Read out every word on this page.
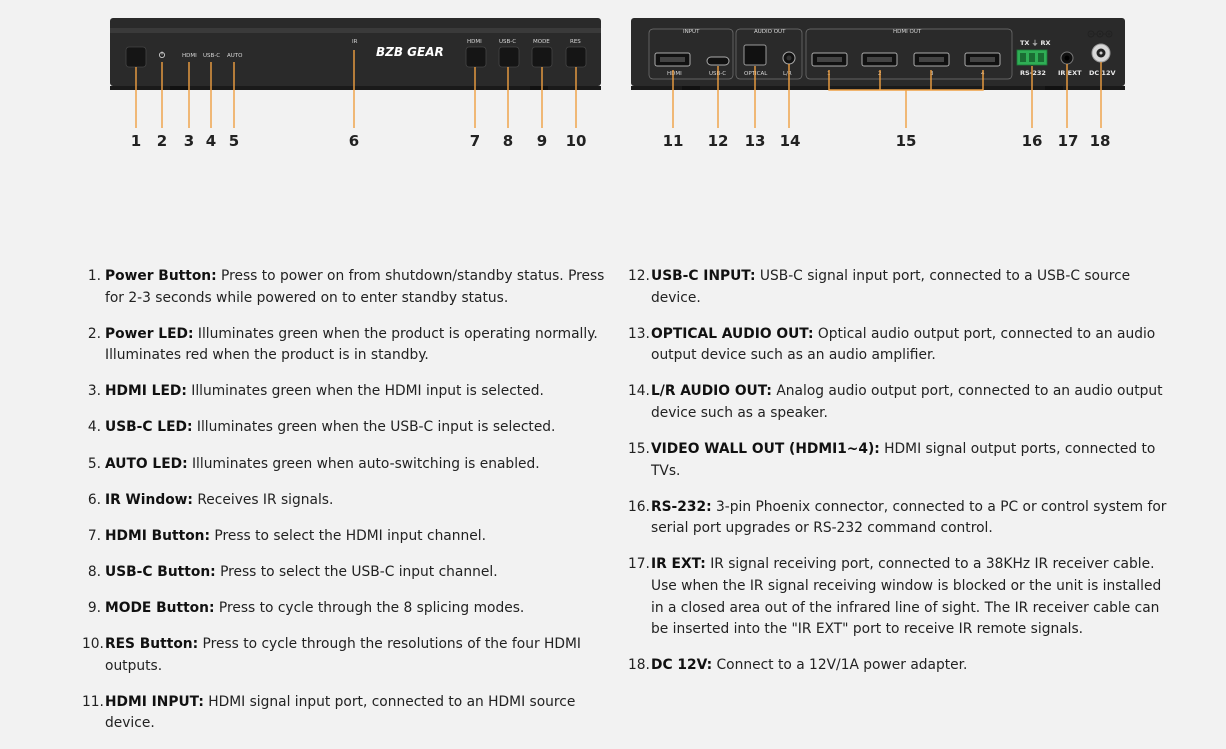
HDMI USB-C AUTO
IR
BZB GEAR
HDMI	USB-C	MODE	RES
1 2 3 4 5	6	7 8 9 10
INPUT
HDMI	USB-C
AUDIO OUT
OPTICAL	L/R
HDMI OUT
1	2	3	4
TX ⏚ RX
RS-232 IR EXT DC 12V
11 12 13 14	15	16 17 18
1. Power Button: Press to power on from shutdown/standby status. Press for 2-3 seconds while powered on to enter standby status.
2. Power LED: Illuminates green when the product is operating normally. Illuminates red when the product is in standby.
3. HDMI LED: Illuminates green when the HDMI input is selected.
4. USB-C LED: Illuminates green when the USB-C input is selected.
5. AUTO LED: Illuminates green when auto-switching is enabled.
6. IR Window: Receives IR signals.
7. HDMI Button: Press to select the HDMI input channel.
8. USB-C Button: Press to select the USB-C input channel.
9. MODE Button: Press to cycle through the 8 splicing modes.
10. RES Button: Press to cycle through the resolutions of the four HDMI outputs.
11. HDMI INPUT: HDMI signal input port, connected to an HDMI source device.
12. USB-C INPUT: USB-C signal input port, connected to a USB-C source device.
13. OPTICAL AUDIO OUT: Optical audio output port, connected to an audio output device such as an audio amplifier.
14. L/R AUDIO OUT: Analog audio output port, connected to an audio output device such as a speaker.
15. VIDEO WALL OUT (HDMI1~4): HDMI signal output ports, connected to TVs.
16. RS-232: 3-pin Phoenix connector, connected to a PC or control system for serial port upgrades or RS-232 command control.
17. IR EXT: IR signal receiving port, connected to a 38KHz IR receiver cable. Use when the IR signal receiving window is blocked or the unit is installed in a closed area out of the infrared line of sight. The IR receiver cable can be inserted into the "IR EXT" port to receive IR remote signals.
18. DC 12V: Connect to a 12V/1A power adapter.
